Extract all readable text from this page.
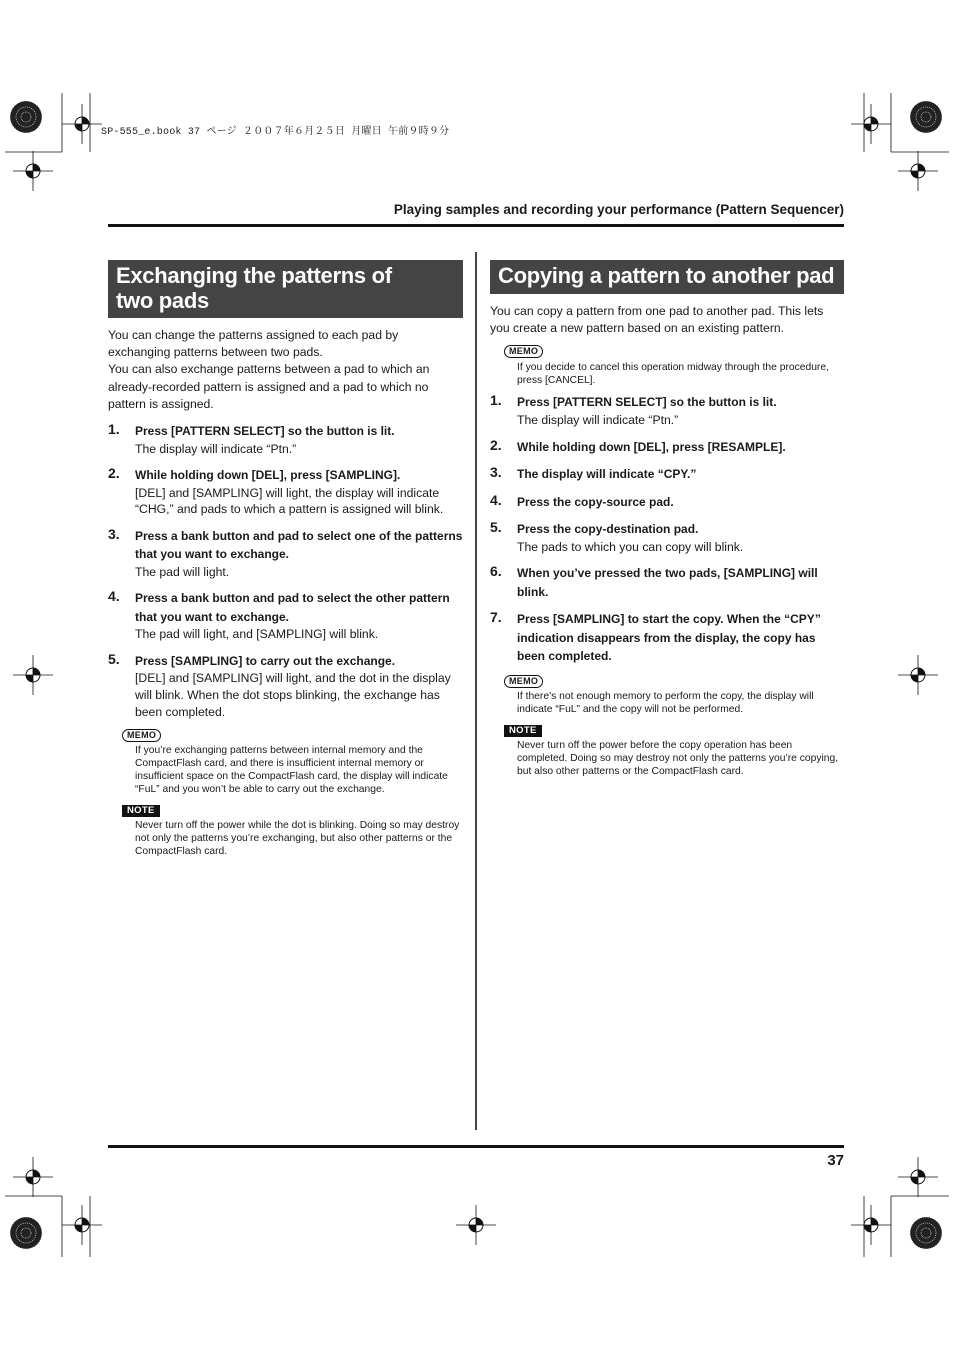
SP-555_e.book 37 ページ ２００７年６月２５日 月曜日 午前９時９分
Playing samples and recording your performance (Pattern Sequencer)
Exchanging the patterns of
two pads
You can change the patterns assigned to each pad by exchanging patterns between two pads.
You can also exchange patterns between a pad to which an already-recorded pattern is assigned and a pad to which no pattern is assigned.
1. Press [PATTERN SELECT] so the button is lit.
The display will indicate “Ptn.”
2. While holding down [DEL], press [SAMPLING].
[DEL] and [SAMPLING] will light, the display will indicate “CHG,” and pads to which a pattern is assigned will blink.
3. Press a bank button and pad to select one of the patterns that you want to exchange.
The pad will light.
4. Press a bank button and pad to select the other pattern that you want to exchange.
The pad will light, and [SAMPLING] will blink.
5. Press [SAMPLING] to carry out the exchange.
[DEL] and [SAMPLING] will light, and the dot in the display will blink. When the dot stops blinking, the exchange has been completed.
MEMO
If you’re exchanging patterns between internal memory and the CompactFlash card, and there is insufficient internal memory or insufficient space on the CompactFlash card, the display will indicate “FuL” and you won’t be able to carry out the exchange.
NOTE
Never turn off the power while the dot is blinking. Doing so may destroy not only the patterns you’re exchanging, but also other patterns or the CompactFlash card.
Copying a pattern to another pad
You can copy a pattern from one pad to another pad. This lets you create a new pattern based on an existing pattern.
MEMO
If you decide to cancel this operation midway through the procedure, press [CANCEL].
1. Press [PATTERN SELECT] so the button is lit.
The display will indicate “Ptn.”
2. While holding down [DEL], press [RESAMPLE].
3. The display will indicate “CPY.”
4. Press the copy-source pad.
5. Press the copy-destination pad.
The pads to which you can copy will blink.
6. When you’ve pressed the two pads, [SAMPLING] will blink.
7. Press [SAMPLING] to start the copy. When the “CPY” indication disappears from the display, the copy has been completed.
MEMO
If there’s not enough memory to perform the copy, the display will indicate “FuL” and the copy will not be performed.
NOTE
Never turn off the power before the copy operation has been completed. Doing so may destroy not only the patterns you’re copying, but also other patterns or the CompactFlash card.
37
